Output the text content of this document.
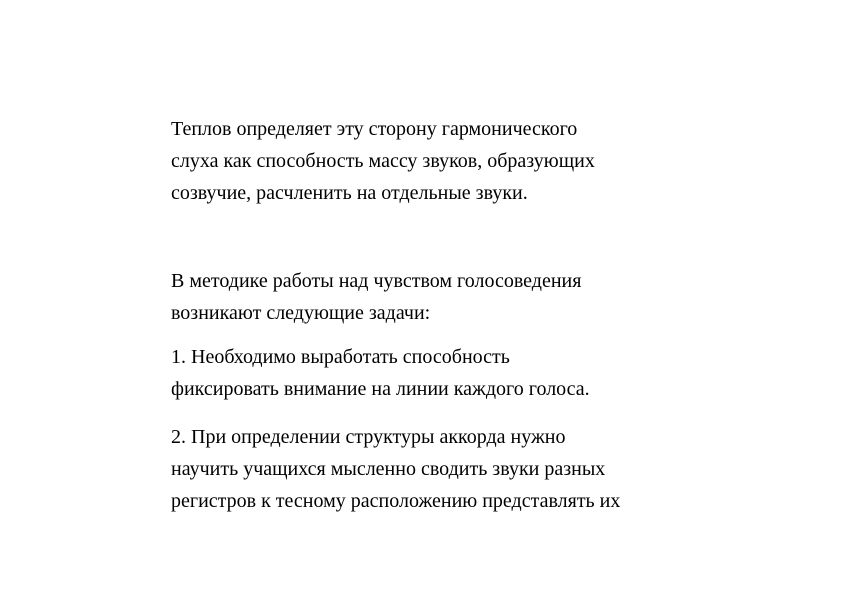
Теплов определяет эту сторону гармонического
слуха как способность массу звуков, образующих
созвучие, расчленить на отдельные звуки.
В методике работы над чувством голосоведения
возникают следующие задачи:
1. Необходимо выработать способность
фиксировать внимание на линии каждого голоса.
2. При определении структуры аккорда нужно
научить учащихся мысленно сводить звуки разных
регистров к тесному расположению представлять их
